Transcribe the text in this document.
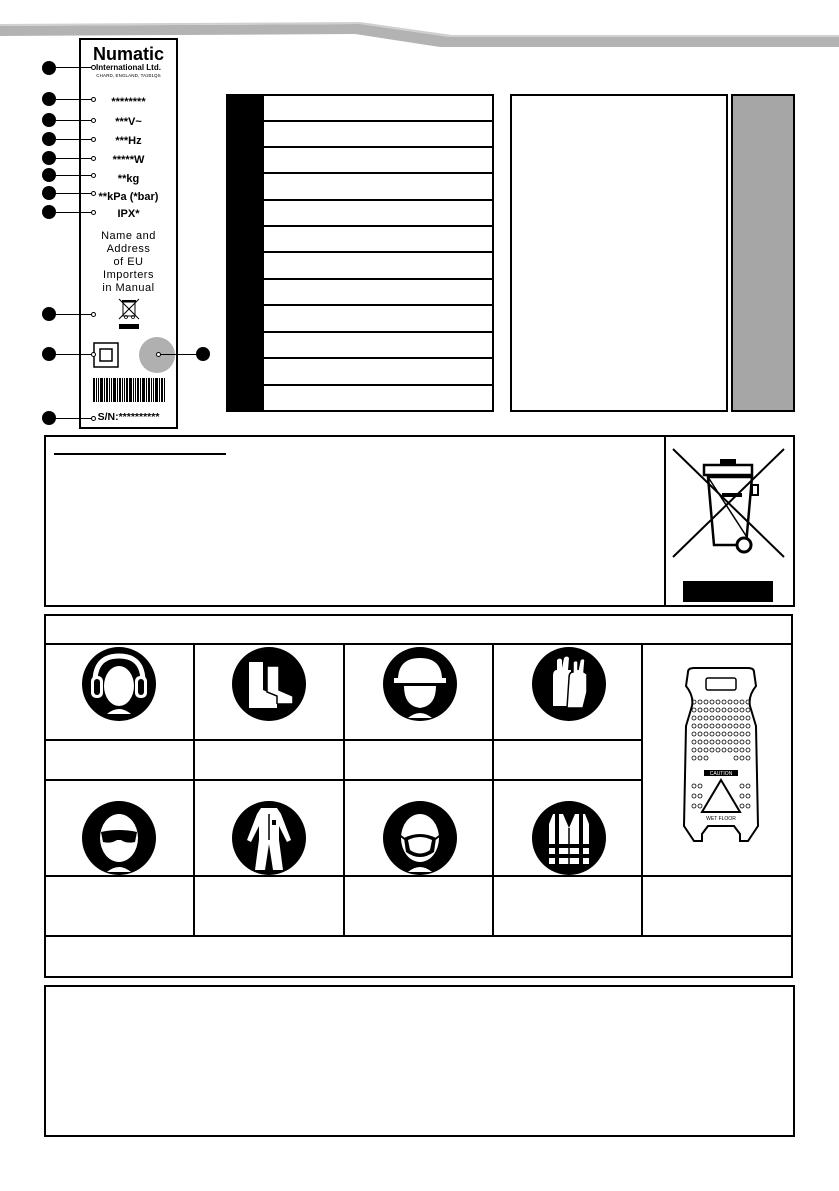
Numatic
International Ltd.
CHARD, ENGLAND, TA201QS
********
***V~
***Hz
*****W
**kg
**kPa (*bar)
IPX*
Name and
Address
of EU
Importers
in Manual
S/N:**********
CAUTION
WET FLOOR
